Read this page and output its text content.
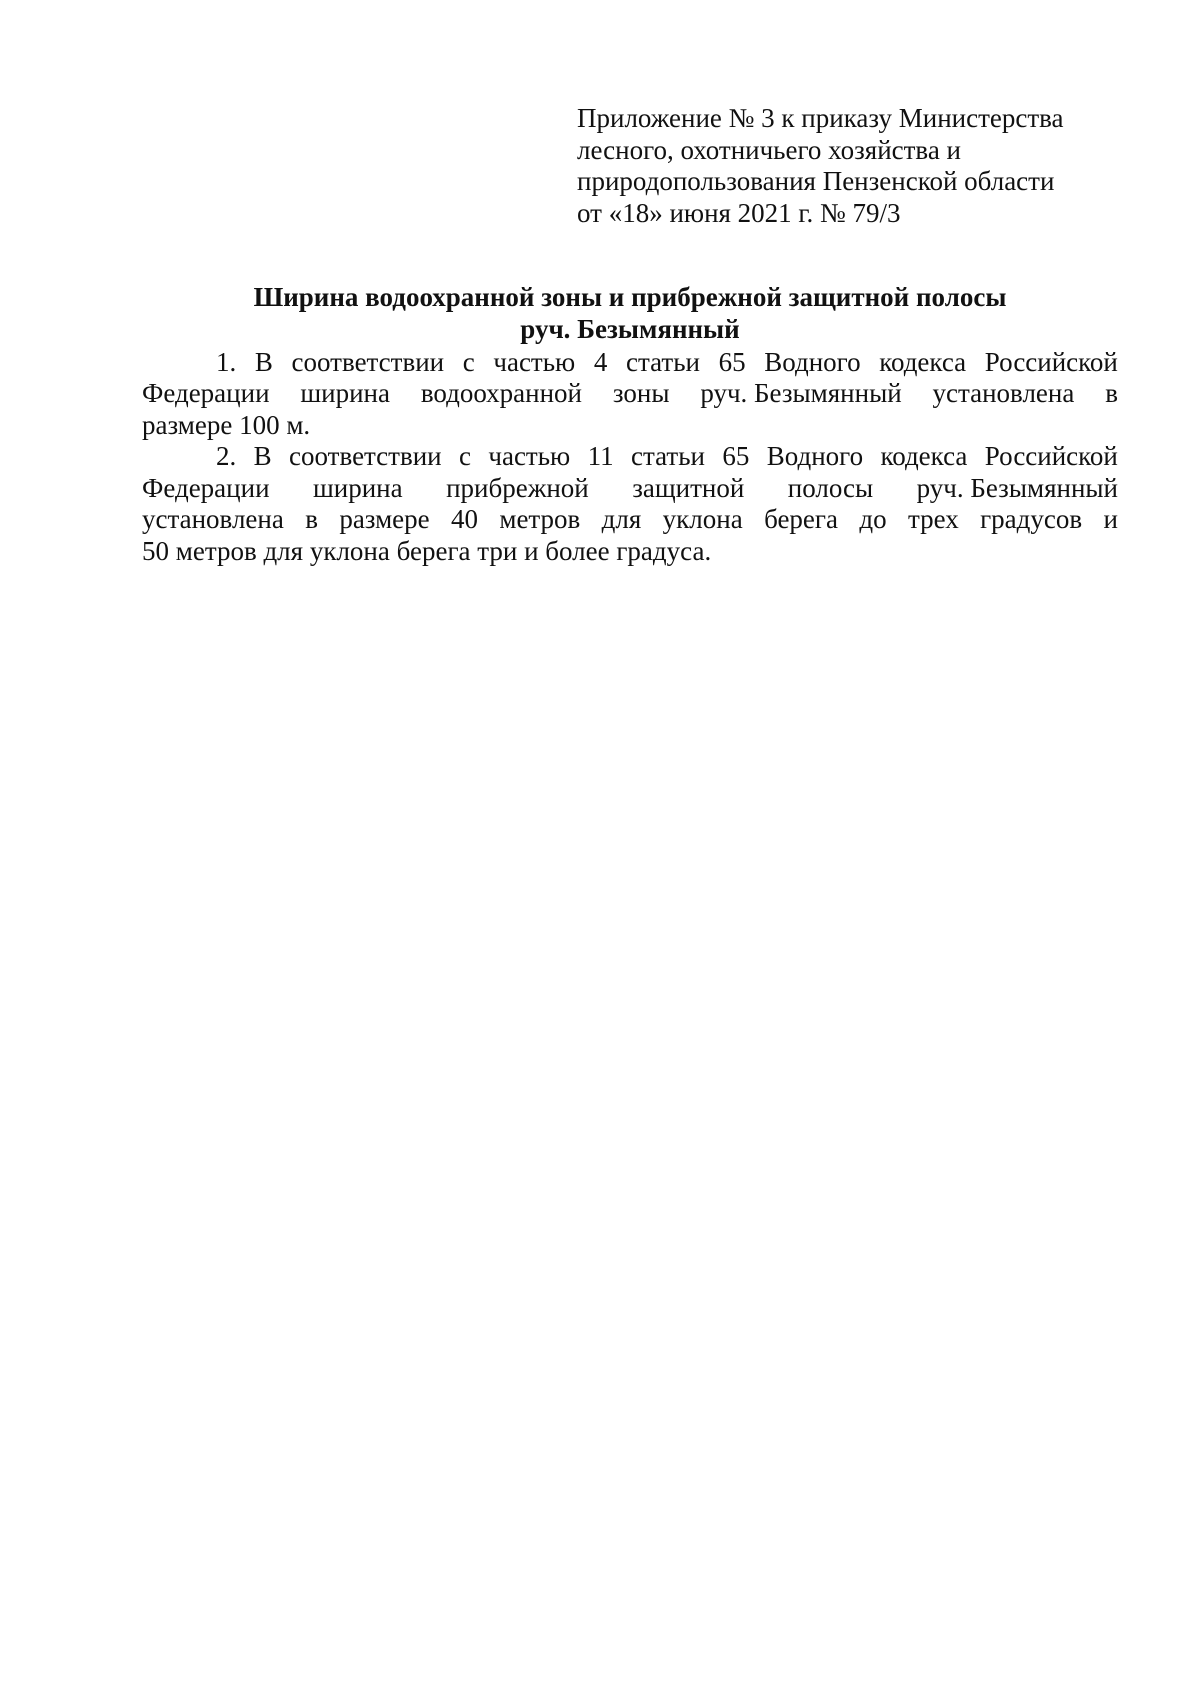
Приложение № 3 к приказу Министерства
лесного, охотничьего хозяйства и
природопользования Пензенской области
от «18» июня 2021 г. № 79/3
Ширина водоохранной зоны и прибрежной защитной полосы
руч. Безымянный
1. В соответствии с частью 4 статьи 65 Водного кодекса Российской
Федерации ширина водоохранной зоны руч. Безымянный установлена в
размере 100 м.
2. В соответствии с частью 11 статьи 65 Водного кодекса Российской
Федерации ширина прибрежной защитной полосы руч. Безымянный
установлена в размере 40 метров для уклона берега до трех градусов и
50 метров для уклона берега три и более градуса.
